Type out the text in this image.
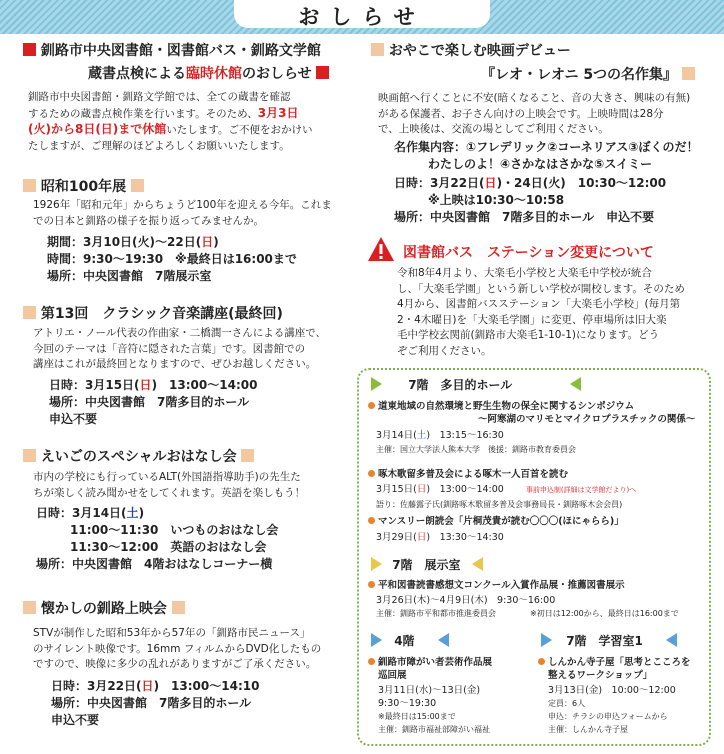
おしらせ
釧路市中央図書館・図書館バス・釧路文学館
蔵書点検による臨時休館のおしらせ
釧路市中央図書館・釧路文学館では、全ての蔵書を確認
するための蔵書点検作業を行います。そのため、3月3日
(火)から8日(日)まで休館いたします。ご不便をおかけい
たしますが、ご理解のほどよろしくお願いいたします。
昭和100年展
1926年「昭和元年」からちょうど100年を迎える今年。これま
での日本と釧路の様子を振り返ってみませんか。
期間：3月10日(火)～22日(日)
時間：9:30～19:30　※最終日は16:00まで
場所：中央図書館　7階展示室
第13回　クラシック音楽講座(最終回)
アトリエ・ノール代表の作曲家・二橋潤一さんによる講座で、
今回のテーマは「音符に隠された言葉」です。図書館での
講座はこれが最終回となりますので、ぜひお越しください。
日時：3月15日(日)　13:00～14:00
場所：中央図書館　7階多目的ホール
申込不要
えいごのスペシャルおはなし会
市内の学校にも行っているALT(外国語指導助手)の先生た
ちが楽しく読み聞かせをしてくれます。英語を楽しもう！
日時：3月14日(土)
11:00～11:30　いつものおはなし会
11:30～12:00　英語のおはなし会
場所：中央図書館　4階おはなしコーナー横
懐かしの釧路上映会
STVが制作した昭和53年から57年の「釧路市民ニュース」
のサイレント映像です。16mm フィルムからDVD化したもの
ですので、映像に多少の乱れがありますがご了承ください。
日時：3月22日(日)　13:00～14:10
場所：中央図書館　7階多目的ホール
申込不要
おやこで楽しむ映画デビュー
『レオ・レオニ 5つの名作集』
映画館へ行くことに不安(暗くなること、音の大きさ、興味の有無)
がある保護者、お子さん向けの上映会です。上映時間は28分
で、上映後は、交流の場としてご利用ください。
名作集内容：①フレデリック②コーネリアス③ぼくのだ！
わたしのよ！④さかなはさかな⑤スイミー
日時：3月22日(日)・24日(火)　10:30～12:00
※上映は10:30～10:58
場所：中央図書館　7階多目的ホール　申込不要
図書館バス　ステーション変更について
令和8年4月より、大楽毛小学校と大楽毛中学校が統合
し、「大楽毛学園」という新しい学校が開校します。そのため
4月から、図書館バスステーション「大楽毛小学校」(毎月第
2・4木曜日)を「大楽毛学園」に変更、停車場所は旧大楽
毛中学校玄関前(釧路市大楽毛1-10-1)になります。どう
ぞご利用ください。
7階　多目的ホール
道東地域の自然環境と野生生物の保全に関するシンポジウム
～阿寒湖のマリモとマイクロプラスチックの関係～
3月14日(土)　13:15～16:30
主催：国立大学法人熊本大学　後援：釧路市教育委員会
啄木歌留多普及会による啄木一人百首を読む
3月15日(日)　13:00～14:00	事前申込制(詳細は文学館だより)へ
語り：佐藤露子氏(釧路啄木歌留多普及会事務局長・釧路啄木会会員)
マンスリー朗読会「片桐茂貴が読む〇〇〇(ほにゃらら)」
3月29日(日)　13:30～14:30
7階　展示室
平和図書読書感想文コンクール入賞作品展・推薦図書展示
3月26日(木)～4月9日(木)　9:30～16:00
主催：釧路市平和都市推進委員会	※初日は12:00から、最終日は16:00まで
4階
釧路市障がい者芸術作品展
巡回展
3月11日(水)～13日(金)
9:30～19:30
※最終日は15:00まで
主催：釧路市福祉部障がい福祉
7階　学習室1
しんかん寺子屋「思考とこころを
整えるワークショップ」
3月13日(金)　10:00～12:00
定員：6人
申込：チラシの申込フォームから
主催：しんかん寺子屋
